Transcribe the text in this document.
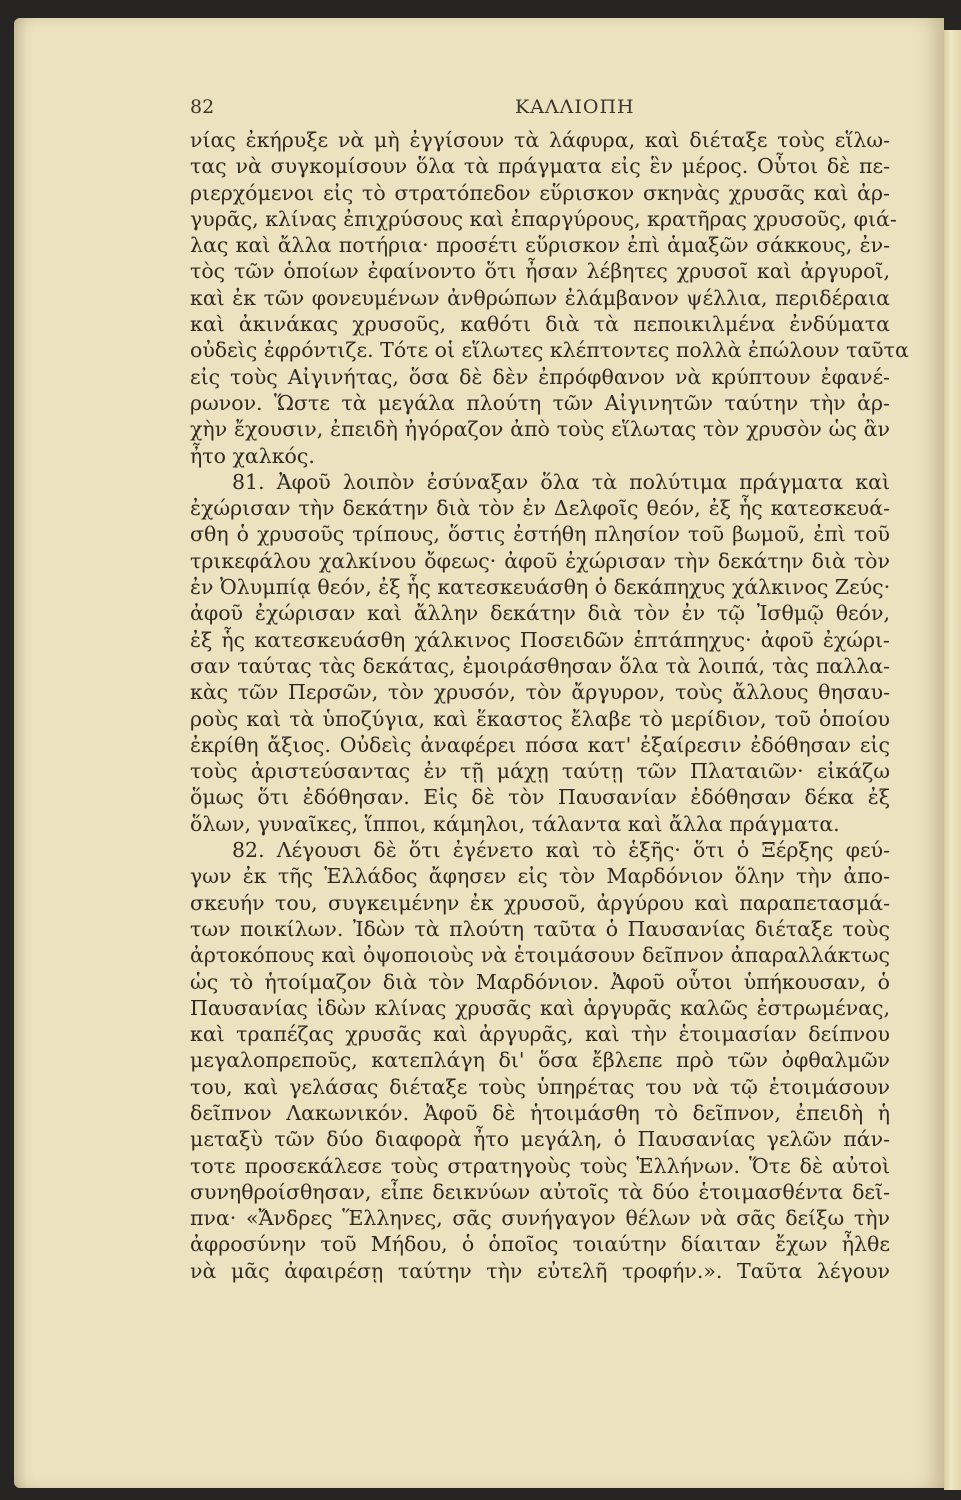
82	ΚΑΛΛΙΟΠΗ
νίας ἐκήρυξε νὰ μὴ ἐγγίσουν τὰ λάφυρα, καὶ διέταξε τοὺς εἵλω-
τας νὰ συγκομίσουν ὅλα τὰ πράγματα εἰς ἓν μέρος. Οὗτοι δὲ πε-
ριερχόμενοι εἰς τὸ στρατόπεδον εὕρισκον σκηνὰς χρυσᾶς καὶ ἀρ-
γυρᾶς, κλίνας ἐπιχρύσους καὶ ἐπαργύρους, κρατῆρας χρυσοῦς, φιά-
λας καὶ ἄλλα ποτήρια· προσέτι εὕρισκον ἐπὶ ἁμαξῶν σάκκους, ἐν-
τὸς τῶν ὁποίων ἐφαίνοντο ὅτι ἦσαν λέβητες χρυσοῖ καὶ ἀργυροῖ,
καὶ ἐκ τῶν φονευμένων ἀνθρώπων ἐλάμβανον ψέλλια, περιδέραια
καὶ ἀκινάκας χρυσοῦς, καθότι διὰ τὰ πεποικιλμένα ἐνδύματα
οὐδεὶς ἐφρόντιζε. Τότε οἱ εἵλωτες κλέπτοντες πολλὰ ἐπώλουν ταῦτα
εἰς τοὺς Αἰγινήτας, ὅσα δὲ δὲν ἐπρόφθανον νὰ κρύπτουν ἐφανέ-
ρωνον. Ὥστε τὰ μεγάλα πλούτη τῶν Αἰγινητῶν ταύτην τὴν ἀρ-
χὴν ἔχουσιν, ἐπειδὴ ἠγόραζον ἀπὸ τοὺς εἵλωτας τὸν χρυσὸν ὡς ἂν
ἦτο χαλκός.
81. Ἀφοῦ λοιπὸν ἐσύναξαν ὅλα τὰ πολύτιμα πράγματα καὶ
ἐχώρισαν τὴν δεκάτην διὰ τὸν ἐν Δελφοῖς θεόν, ἐξ ἧς κατεσκευά-
σθη ὁ χρυσοῦς τρίπους, ὅστις ἐστήθη πλησίον τοῦ βωμοῦ, ἐπὶ τοῦ
τρικεφάλου χαλκίνου ὄφεως· ἀφοῦ ἐχώρισαν τὴν δεκάτην διὰ τὸν
ἐν Ὀλυμπίᾳ θεόν, ἐξ ἧς κατεσκευάσθη ὁ δεκάπηχυς χάλκινος Ζεύς·
ἀφοῦ ἐχώρισαν καὶ ἄλλην δεκάτην διὰ τὸν ἐν τῷ Ἰσθμῷ θεόν,
ἐξ ἧς κατεσκευάσθη χάλκινος Ποσειδῶν ἑπτάπηχυς· ἀφοῦ ἐχώρι-
σαν ταύτας τὰς δεκάτας, ἐμοιράσθησαν ὅλα τὰ λοιπά, τὰς παλλα-
κὰς τῶν Περσῶν, τὸν χρυσόν, τὸν ἄργυρον, τοὺς ἄλλους θησαυ-
ροὺς καὶ τὰ ὑποζύγια, καὶ ἕκαστος ἔλαβε τὸ μερίδιον, τοῦ ὁποίου
ἐκρίθη ἄξιος. Οὐδεὶς ἀναφέρει πόσα κατ' ἐξαίρεσιν ἐδόθησαν εἰς
τοὺς ἀριστεύσαντας ἐν τῇ μάχῃ ταύτῃ τῶν Πλαταιῶν· εἰκάζω
ὅμως ὅτι ἐδόθησαν. Εἰς δὲ τὸν Παυσανίαν ἐδόθησαν δέκα ἐξ
ὅλων, γυναῖκες, ἵπποι, κάμηλοι, τάλαντα καὶ ἄλλα πράγματα.
82. Λέγουσι δὲ ὅτι ἐγένετο καὶ τὸ ἑξῆς· ὅτι ὁ Ξέρξης φεύ-
γων ἐκ τῆς Ἑλλάδος ἄφησεν εἰς τὸν Μαρδόνιον ὅλην τὴν ἀπο-
σκευήν του, συγκειμένην ἐκ χρυσοῦ, ἀργύρου καὶ παραπετασμά-
των ποικίλων. Ἰδὼν τὰ πλούτη ταῦτα ὁ Παυσανίας διέταξε τοὺς
ἀρτοκόπους καὶ ὀψοποιοὺς νὰ ἑτοιμάσουν δεῖπνον ἀπαραλλάκτως
ὡς τὸ ἡτοίμαζον διὰ τὸν Μαρδόνιον. Ἀφοῦ οὗτοι ὑπήκουσαν, ὁ
Παυσανίας ἰδὼν κλίνας χρυσᾶς καὶ ἀργυρᾶς καλῶς ἐστρωμένας,
καὶ τραπέζας χρυσᾶς καὶ ἀργυρᾶς, καὶ τὴν ἑτοιμασίαν δείπνου
μεγαλοπρεποῦς, κατεπλάγη δι' ὅσα ἔβλεπε πρὸ τῶν ὀφθαλμῶν
του, καὶ γελάσας διέταξε τοὺς ὑπηρέτας του νὰ τῷ ἑτοιμάσουν
δεῖπνον Λακωνικόν. Ἀφοῦ δὲ ἡτοιμάσθη τὸ δεῖπνον, ἐπειδὴ ἡ
μεταξὺ τῶν δύο διαφορὰ ἦτο μεγάλη, ὁ Παυσανίας γελῶν πάν-
τοτε προσεκάλεσε τοὺς στρατηγοὺς τοὺς Ἑλλήνων. Ὅτε δὲ αὐτοὶ
συνηθροίσθησαν, εἶπε δεικνύων αὐτοῖς τὰ δύο ἑτοιμασθέντα δεῖ-
πνα· «Ἄνδρες Ἕλληνες, σᾶς συνήγαγον θέλων νὰ σᾶς δείξω τὴν
ἀφροσύνην τοῦ Μήδου, ὁ ὁποῖος τοιαύτην δίαιταν ἔχων ἦλθε
νὰ μᾶς ἀφαιρέσῃ ταύτην τὴν εὐτελῆ τροφήν.». Ταῦτα λέγουν
